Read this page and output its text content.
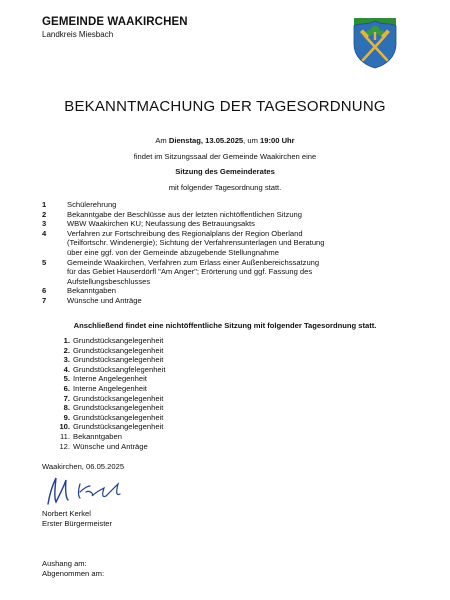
GEMEINDE WAAKIRCHEN
Landkreis Miesbach
BEKANNTMACHUNG DER TAGESORDNUNG
Am Dienstag, 13.05.2025, um 19:00 Uhr
findet im Sitzungssaal der Gemeinde Waakirchen eine
Sitzung des Gemeinderates
mit folgender Tagesordnung statt.
1	Schülerehrung
2	Bekanntgabe der Beschlüsse aus der letzten nichtöffentlichen Sitzung
3	WBW Waakirchen KU; Neufassung des Betrauungsakts
4	Verfahren zur Fortschreibung des Regionalplans der Region Oberland
(Teilfortschr. Windenergie); Sichtung der Verfahrensunterlagen und Beratung
über eine ggf. von der Gemeinde abzugebende Stellungnahme
5	Gemeinde Waakirchen, Verfahren zum Erlass einer Außenbereichssatzung
für das Gebiet Hauserdörfl "Am Anger"; Erörterung und ggf. Fassung des
Aufstellungsbeschlusses
6	Bekanntgaben
7	Wünsche und Anträge
Anschließend findet eine nichtöffentliche Sitzung mit folgender Tagesordnung statt.
1. Grundstücksangelegenheit
2. Grundstücksangelegenheit
3. Grundstücksangelegenheit
4. Grundstücksangfelegenheit
5. Interne Angelegenheit
6. Interne Angelegenheit
7. Grundstücksangelegenheit
8. Grundstücksangelegenheit
9. Grundstücksangelegenheit
10. Grundstücksangelegenheit
11. Bekanntgaben
12. Wünsche und Anträge
Waakirchen, 06.05.2025
Norbert Kerkel
Erster Bürgermeister
Aushang am:
Abgenommen am:
